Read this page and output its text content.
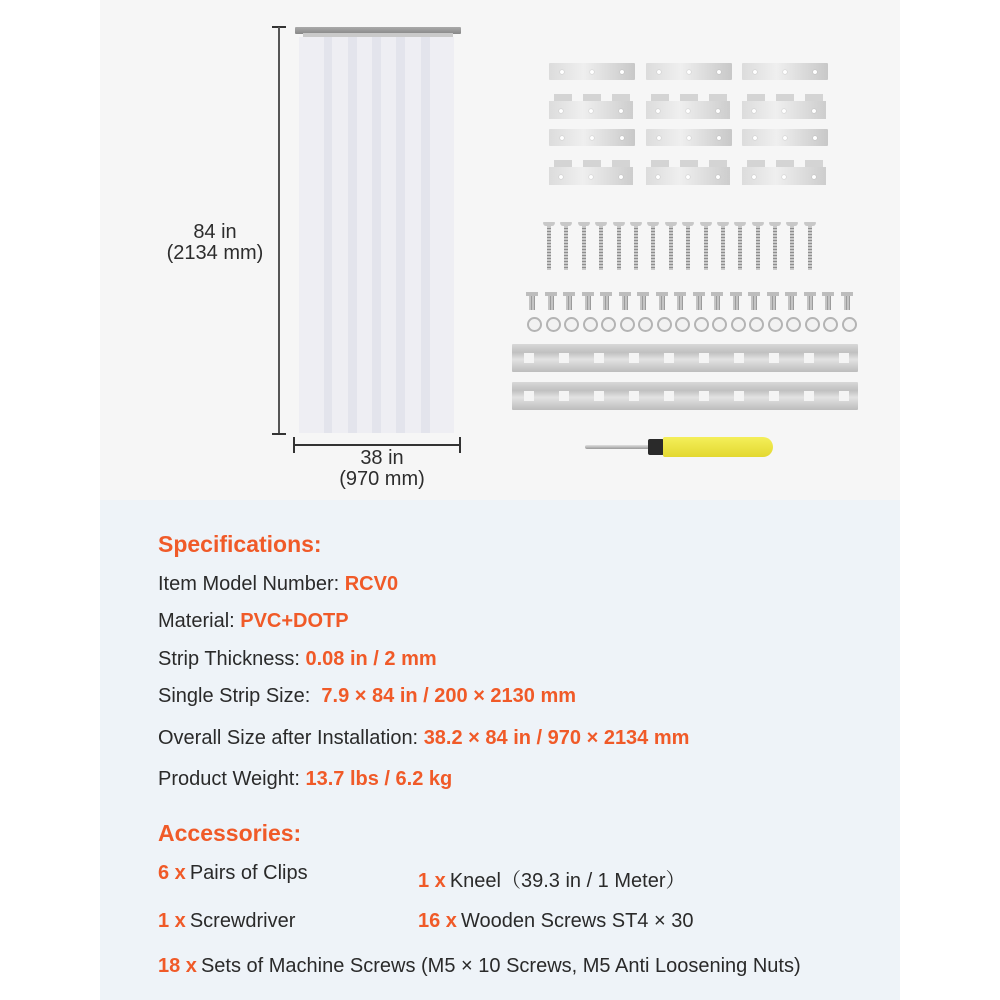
84 in
(2134 mm)
38 in
(970 mm)
Specifications:
Item Model Number: RCV0
Material: PVC+DOTP
Strip Thickness: 0.08 in / 2 mm
Single Strip Size:  7.9 × 84 in / 200 × 2130 mm
Overall Size after Installation: 38.2 × 84 in / 970 × 2134 mm
Product Weight: 13.7 lbs / 6.2 kg
Accessories:
6 x Pairs of Clips	1 x Kneel（39.3 in / 1 Meter）
1 x Screwdriver	16 x Wooden Screws ST4 × 30
18 x Sets of Machine Screws (M5 × 10 Screws, M5 Anti Loosening Nuts)
